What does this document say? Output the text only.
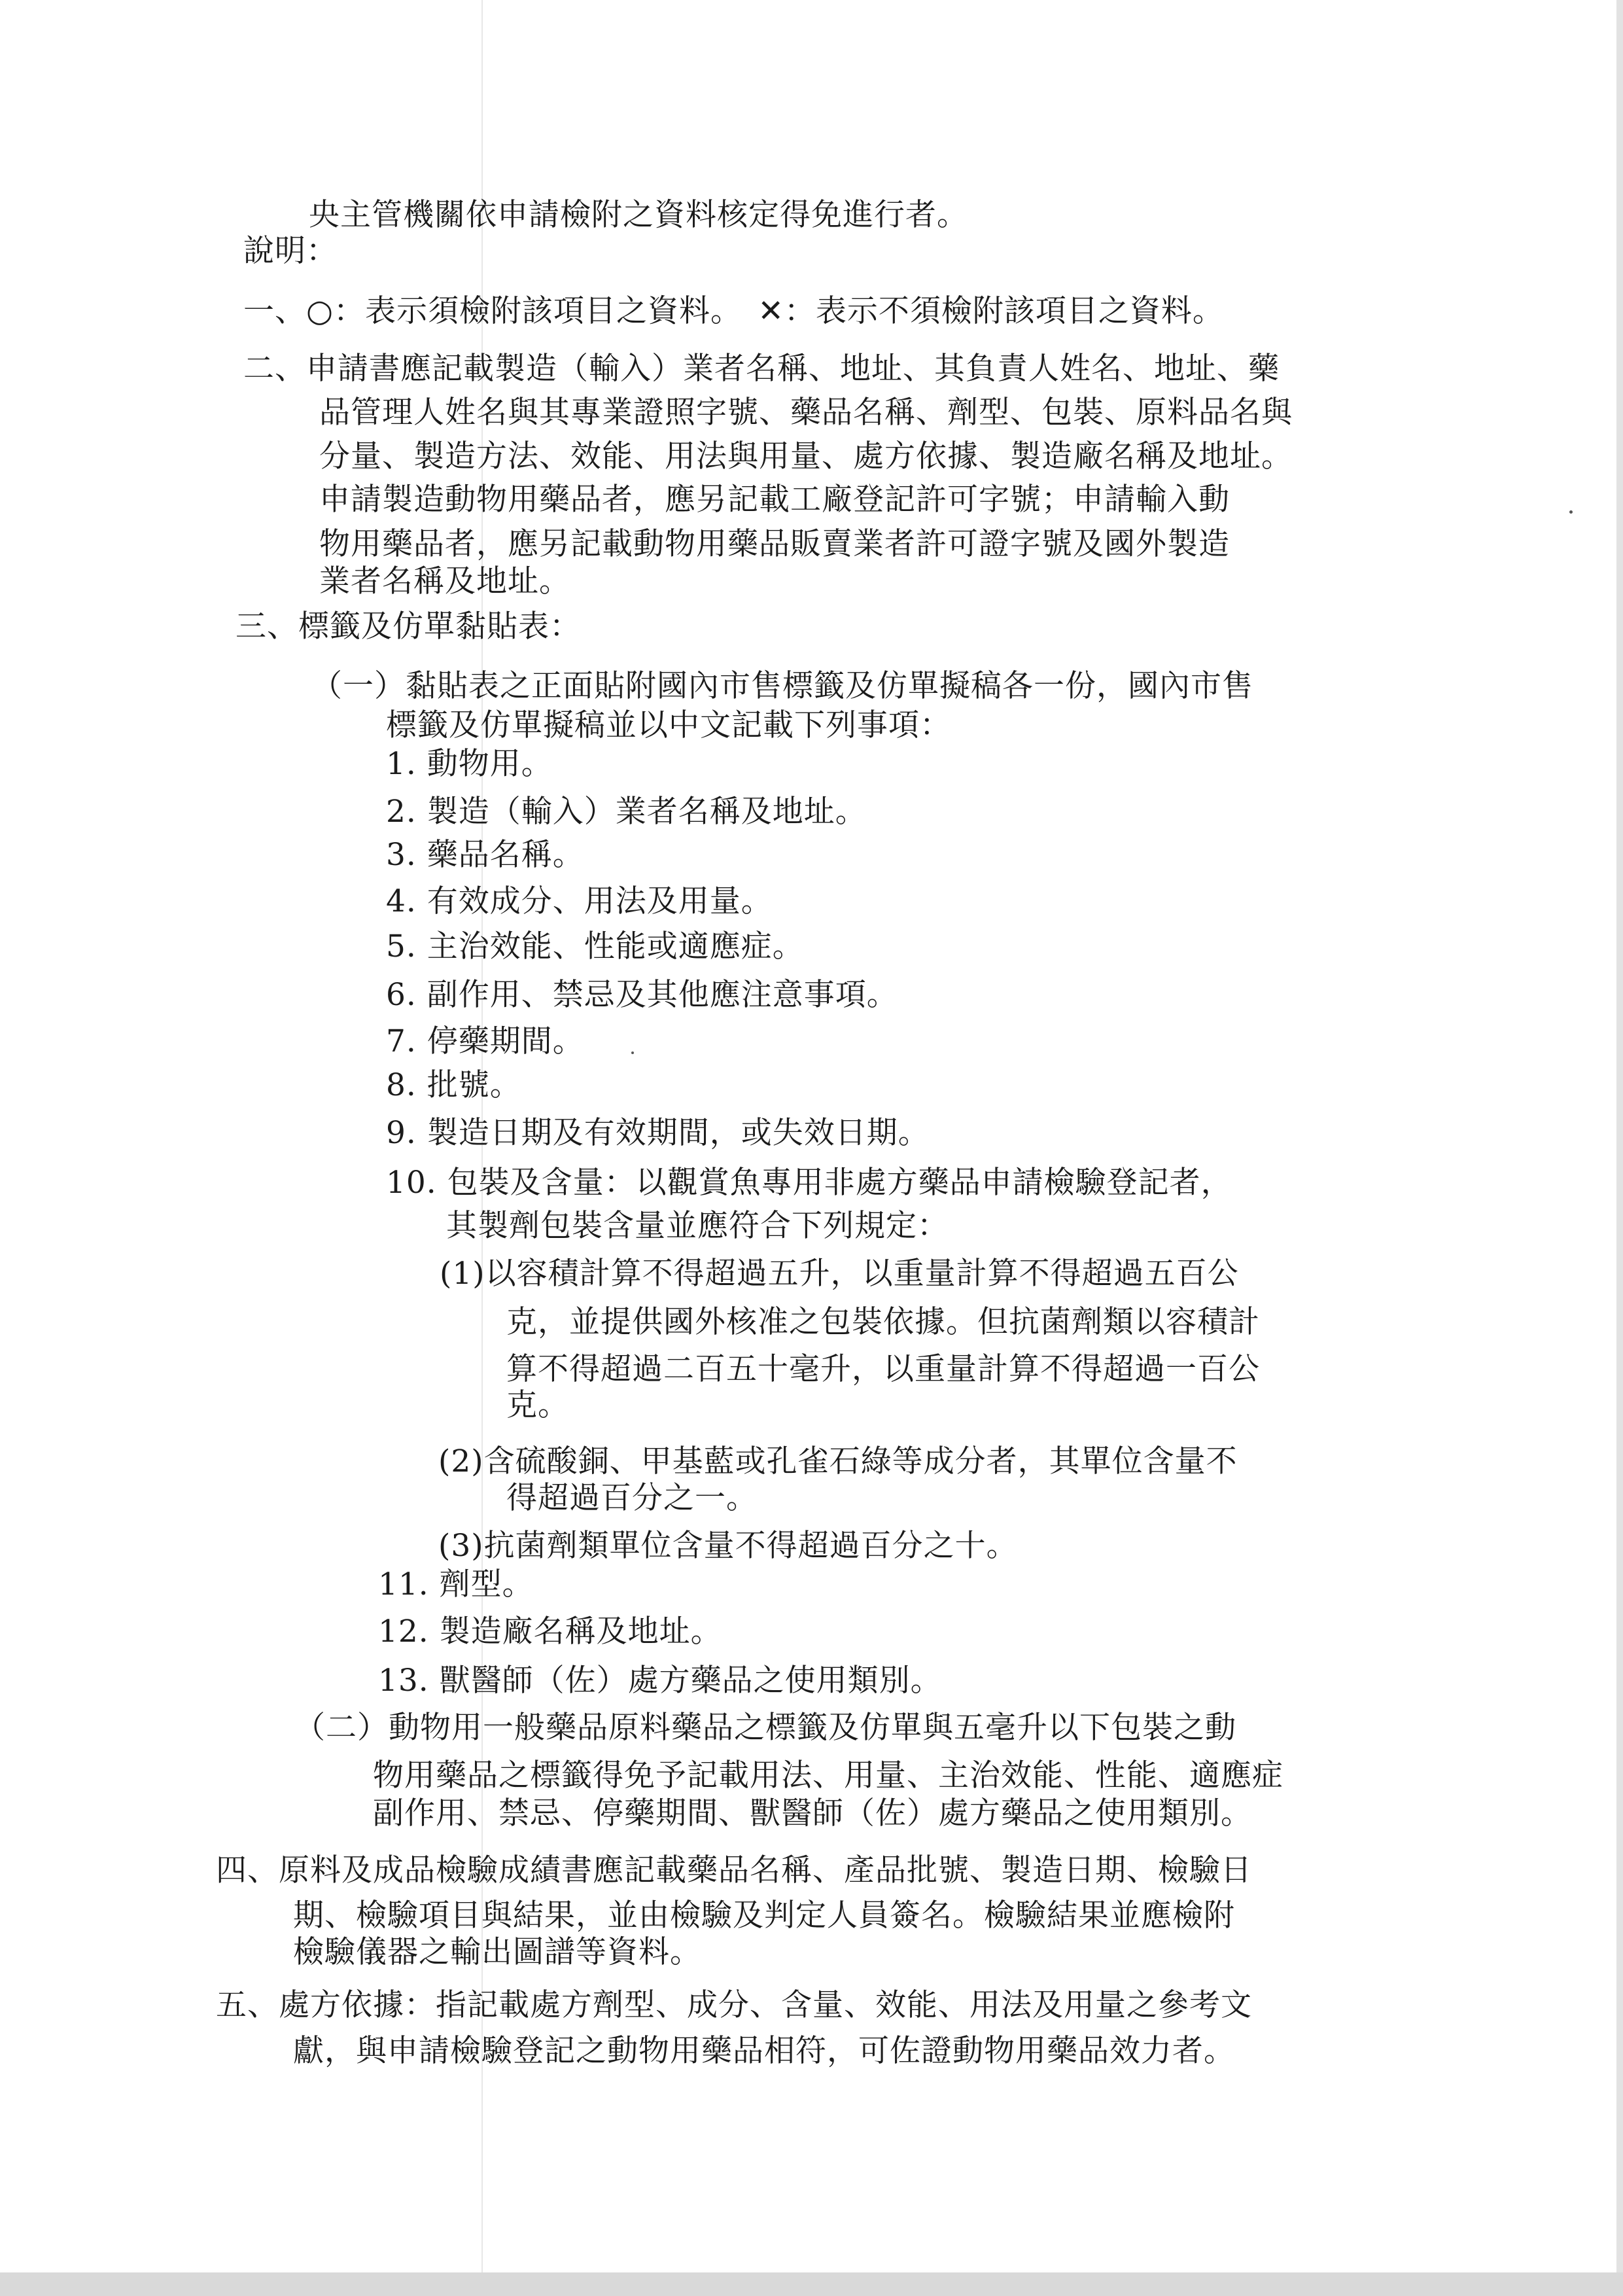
央主管機關依申請檢附之資料核定得免進行者。
說明：
一、○：表示須檢附該項目之資料。　✕：表示不須檢附該項目之資料。
二、申請書應記載製造（輸入）業者名稱、地址、其負責人姓名、地址、藥
品管理人姓名與其專業證照字號、藥品名稱、劑型、包裝、原料品名與
分量、製造方法、效能、用法與用量、處方依據、製造廠名稱及地址。
申請製造動物用藥品者，應另記載工廠登記許可字號；申請輸入動
物用藥品者，應另記載動物用藥品販賣業者許可證字號及國外製造
業者名稱及地址。
三、標籤及仿單黏貼表：
（一）黏貼表之正面貼附國內市售標籤及仿單擬稿各一份，國內市售
標籤及仿單擬稿並以中文記載下列事項：
1. 動物用。
2. 製造（輸入）業者名稱及地址。
3. 藥品名稱。
4. 有效成分、用法及用量。
5. 主治效能、性能或適應症。
6. 副作用、禁忌及其他應注意事項。
7. 停藥期間。
8. 批號。
9. 製造日期及有效期間，或失效日期。
10. 包裝及含量：以觀賞魚專用非處方藥品申請檢驗登記者，
其製劑包裝含量並應符合下列規定：
(1)以容積計算不得超過五升，以重量計算不得超過五百公
克，並提供國外核准之包裝依據。但抗菌劑類以容積計
算不得超過二百五十毫升，以重量計算不得超過一百公
克。
(2)含硫酸銅、甲基藍或孔雀石綠等成分者，其單位含量不
得超過百分之一。
(3)抗菌劑類單位含量不得超過百分之十。
11. 劑型。
12. 製造廠名稱及地址。
13. 獸醫師（佐）處方藥品之使用類別。
（二）動物用一般藥品原料藥品之標籤及仿單與五毫升以下包裝之動
物用藥品之標籤得免予記載用法、用量、主治效能、性能、適應症
副作用、禁忌、停藥期間、獸醫師（佐）處方藥品之使用類別。
四、原料及成品檢驗成績書應記載藥品名稱、產品批號、製造日期、檢驗日
期、檢驗項目與結果，並由檢驗及判定人員簽名。檢驗結果並應檢附
檢驗儀器之輸出圖譜等資料。
五、處方依據：指記載處方劑型、成分、含量、效能、用法及用量之參考文
獻，與申請檢驗登記之動物用藥品相符，可佐證動物用藥品效力者。
